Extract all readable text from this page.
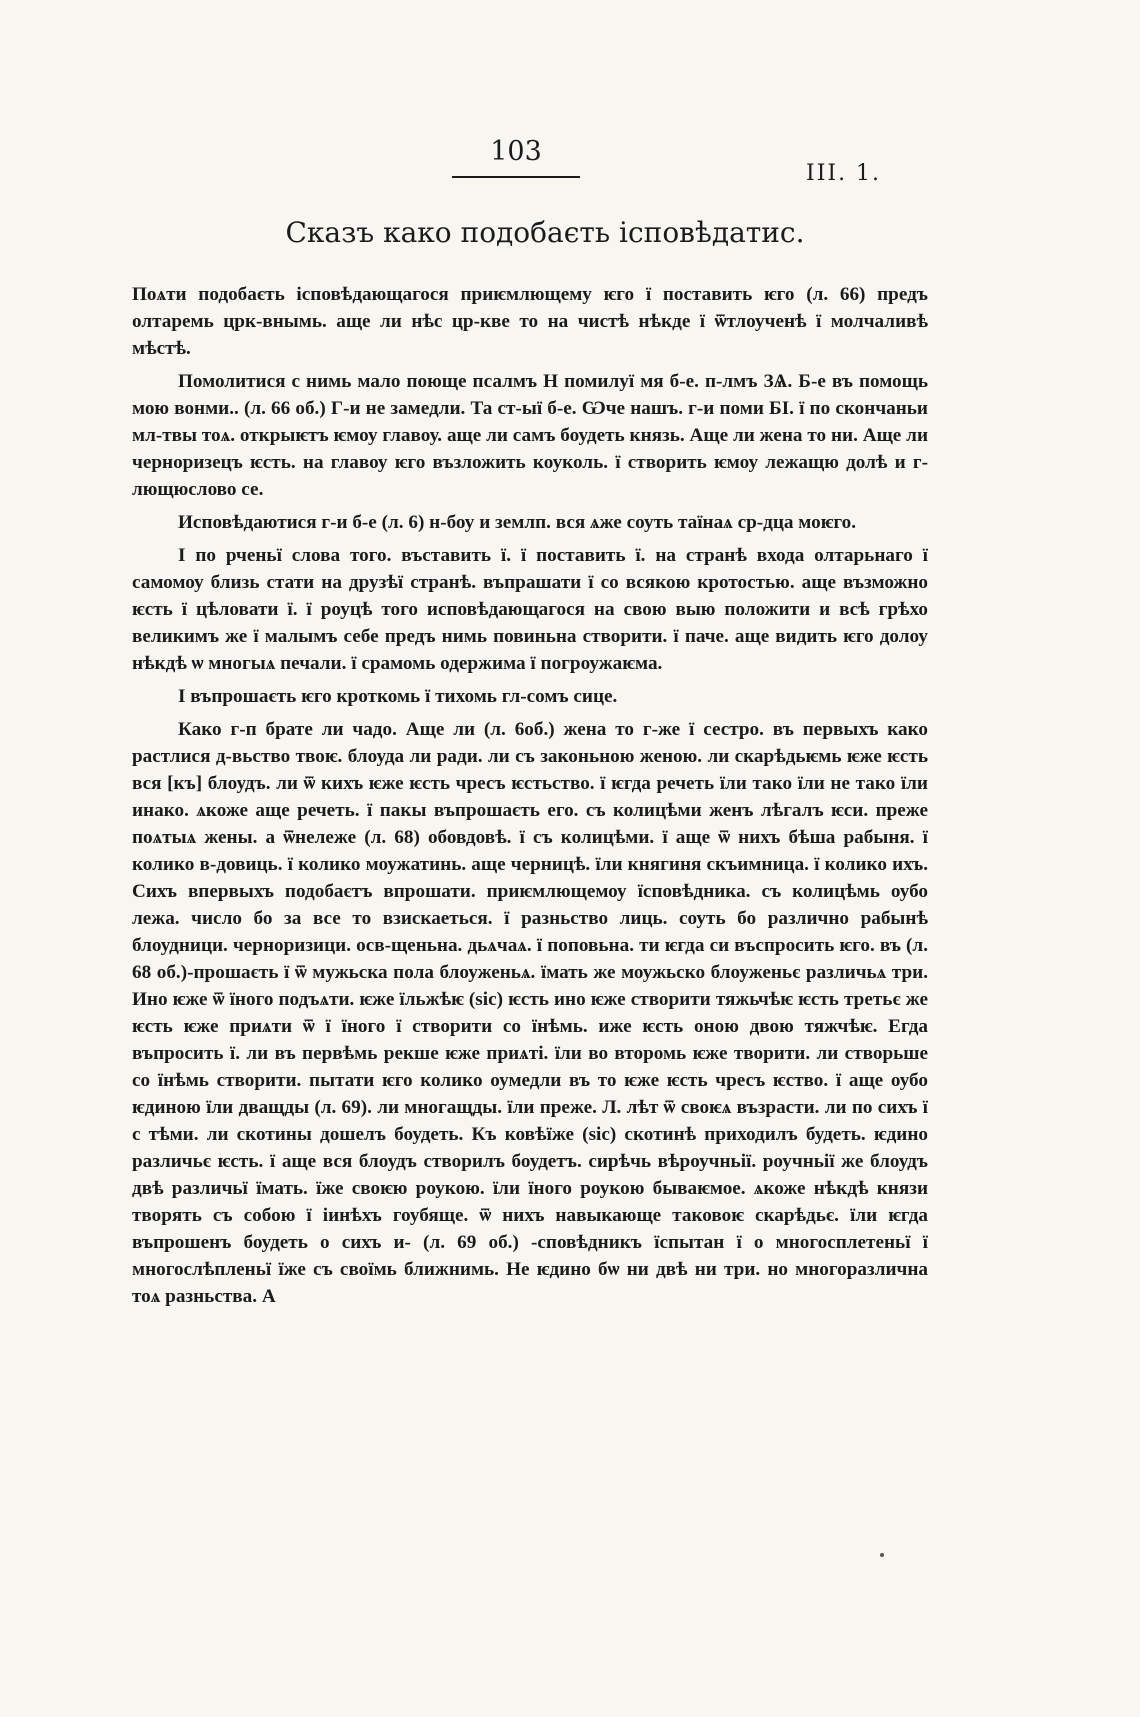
103
III. 1.
Сказъ како подобаєть ісповѣдатис.

Поѧти подобаєть ісповѣдающагося приѥмлющему ѥго ї поставить ѥго (л. 66) предъ олтаремь црк-внымь. аще ли нѣс цр-кве то на чистѣ нѣкде ї ѿтлоученѣ ї молчаливѣ мѣстѣ.

Помолитися с нимь мало поюще псалмъ Н помилуї мя б-е. п-лмъ ЗѦ. Б-е въ помощь мою вонми.. (л. 66 об.) Г-и не замедли. Та ст-ыї б-е. Ѡче нашъ. г-и поми БІ. ї по скончаньи мл-твы тоѧ. открыѥтъ ѥмоу главоу. аще ли самъ боудеть князь. Аще ли жена то ни. Аще ли черноризецъ ѥсть. на главоу ѥго възложить коуколь. ї створить ѥмоу лежащю долѣ и г-лющюслово се.

Исповѣдаютися г-и б-е (л. 6) н-боу и землп. вся ѧже соуть таїнаѧ ср-дца моѥго.

І по рченьї слова того. въставить ї. ї поставить ї. на странѣ входа олтарьнаго ї самомоу близь стати на друзѣї странѣ. въпрашати ї со всякою кротостью. аще възможно ѥсть ї цѣловати ї. ї роуцѣ того исповѣдающагося на свою выю положити и всѣ грѣхо великимъ же ї малымъ себе предъ нимь повиньна створити. ї паче. аще видить ѥго долоу нѣкдѣ ѡ многыѧ печали. ї срамомь одержима ї погроужаѥма.

І въпрошаєть ѥго кроткомь ї тихомь гл-сомъ сице.

Како г-п брате ли чадо. Аще ли (л. 6об.) жена то г-же ї сестро. въ первыхъ како растлися д-вьство твоѥ. блоуда ли ради. ли съ законьною женою. ли скарѣдьѥмь ѥже ѥсть вся [къ] блоудъ. ли ѿ кихъ ѥже ѥсть чресъ ѥстьство. ї ѥгда речеть їли тако їли не тако їли инако. ѧкоже аще речеть. ї пакы въпрошаєть его. съ колицѣми женъ лѣгалъ ѥси. преже поѧтыѧ жены. а ѿнележе (л. 68) обовдовѣ. ї съ колицѣми. ї аще ѿ нихъ бѣша рабыня. ї колико в-довиць. ї колико моужатинь. аще черницѣ. їли княгиня скъимница. ї колико ихъ. Сихъ впервыхъ подобаєтъ впрошати. приѥмлющемоу їсповѣдника. съ колицѣмь оубо лежа. число бо за все то взискаеться. ї разньство лиць. соуть бо различно рабынѣ блоудници. черноризици. осв-щеньна. дьѧчаѧ. ї поповьна. ти ѥгда си въспросить ѥго. въ (л. 68 об.)-прошаєть ї ѿ мужьска пола блоуженьѧ. їмать же моужьско блоуженьє различьѧ три. Ино ѥже ѿ їного подъѧти. ѥже їльжѣѥ (sic) ѥсть ино ѥже створити тяжьчѣѥ ѥсть третьє же ѥсть ѥже приѧти ѿ ї їного ї створити со їнѣмь. иже ѥсть оною двою тяжчѣѥ. Егда въпросить ї. ли въ первѣмь рекше ѥже приѧті. їли во второмь ѥже творити. ли створьше со їнѣмь створити. пытати ѥго колико оумедли въ то ѥже ѥсть чресъ ѥство. ї аще оубо ѥдиною їли дващды (л. 69). ли многащды. їли преже. Л. лѣт ѿ своѥѧ възрасти. ли по сихъ ї с тѣми. ли скотины дошелъ боудеть. Къ ковѣїже (sic) скотинѣ приходилъ будеть. ѥдино различьє ѥсть. ї аще вся блоудъ створилъ боудетъ. сирѣчь вѣроучньії. роучньії же блоудъ двѣ различьї їмать. їже своѥю роукою. їли їного роукою бываѥмое. ѧкоже нѣкдѣ князи творять съ собою ї іинѣхъ гоубяще. ѿ нихъ навыкающе таковоѥ скарѣдьє. їли ѥгда въпрошенъ боудеть о сихъ и- (л. 69 об.) -сповѣдникъ їспытан ї о многосплетеньї ї многослѣпленьї їже съ своїмь ближнимь. Не ѥдино бѡ ни двѣ ни три. но многоразлична тоѧ разньства. А
